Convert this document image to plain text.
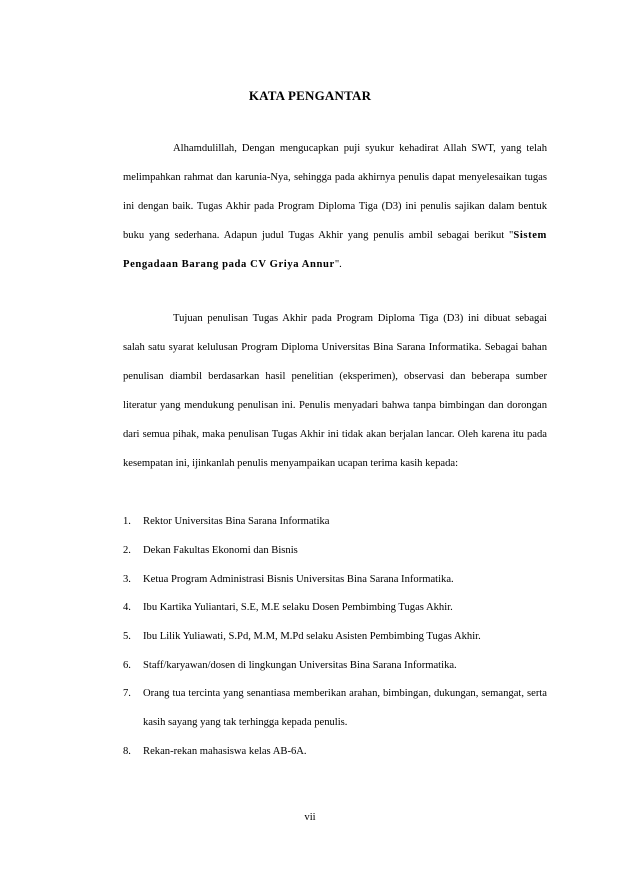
KATA PENGANTAR

Alhamdulillah, Dengan mengucapkan puji syukur kehadirat Allah SWT, yang telah melimpahkan rahmat dan karunia-Nya, sehingga pada akhirnya penulis dapat menyelesaikan tugas ini dengan baik. Tugas Akhir pada Program Diploma Tiga (D3) ini penulis sajikan dalam bentuk buku yang sederhana. Adapun judul Tugas Akhir yang penulis ambil sebagai berikut "Sistem Pengadaan Barang pada CV Griya Annur".

Tujuan penulisan Tugas Akhir pada Program Diploma Tiga (D3) ini dibuat sebagai salah satu syarat kelulusan Program Diploma Universitas Bina Sarana Informatika. Sebagai bahan penulisan diambil berdasarkan hasil penelitian (eksperimen), observasi dan beberapa sumber literatur yang mendukung penulisan ini. Penulis menyadari bahwa tanpa bimbingan dan dorongan dari semua pihak, maka penulisan Tugas Akhir ini tidak akan berjalan lancar. Oleh karena itu pada kesempatan ini, ijinkanlah penulis menyampaikan ucapan terima kasih kepada:

1.	Rektor Universitas Bina Sarana Informatika
2.	Dekan Fakultas Ekonomi dan Bisnis
3.	Ketua Program Administrasi Bisnis Universitas Bina Sarana Informatika.
4.	Ibu Kartika Yuliantari, S.E, M.E selaku Dosen Pembimbing Tugas Akhir.
5.	Ibu Lilik Yuliawati, S.Pd, M.M, M.Pd selaku Asisten Pembimbing Tugas Akhir.
6.	Staff/karyawan/dosen di lingkungan Universitas Bina Sarana Informatika.
7.	Orang tua tercinta yang senantiasa memberikan arahan, bimbingan, dukungan, semangat, serta kasih sayang yang tak terhingga kepada penulis.
8.	Rekan-rekan mahasiswa kelas AB-6A.
vii
